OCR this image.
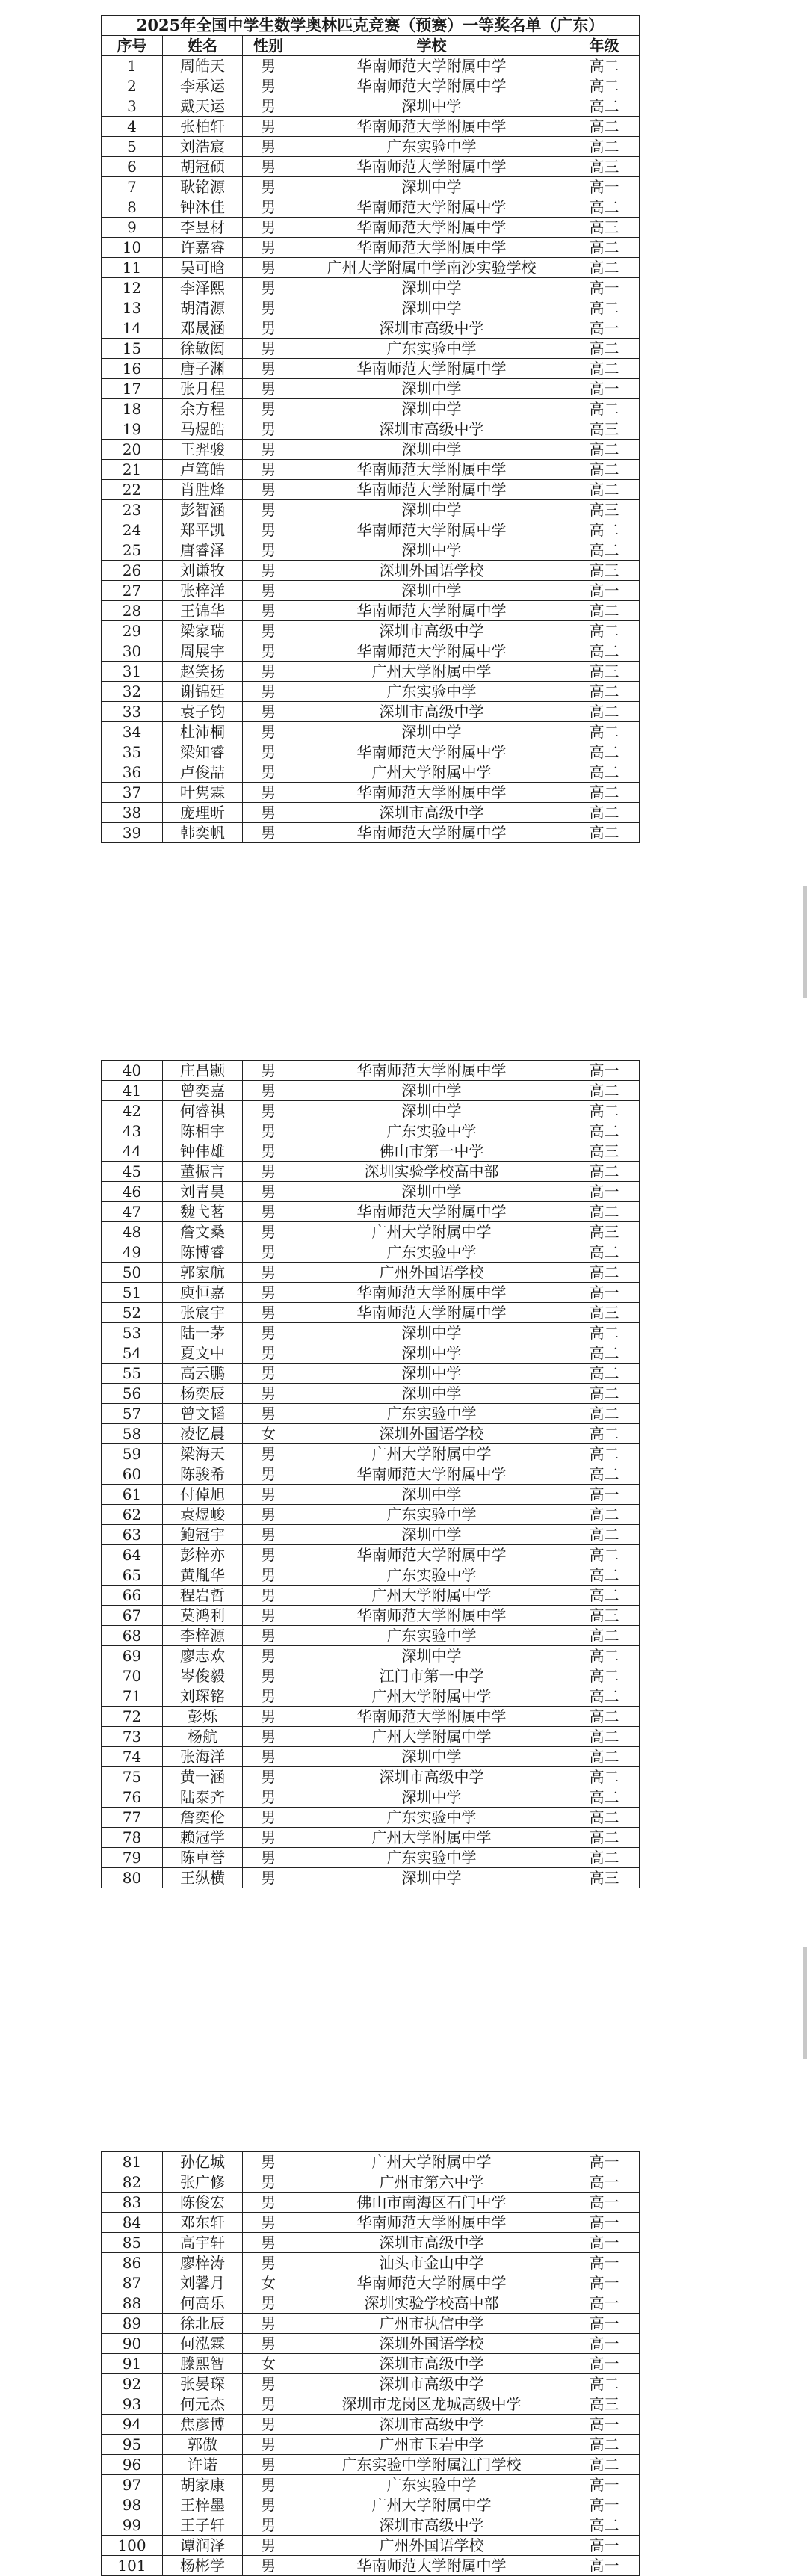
2025年全国中学生数学奥林匹克竞赛（预赛）一等奖名单（广东）				
序号	姓名	性别	学校	年级
1	周皓天	男	华南师范大学附属中学	高二
2	李承运	男	华南师范大学附属中学	高二
3	戴天运	男	深圳中学	高二
4	张柏轩	男	华南师范大学附属中学	高二
5	刘浩宸	男	广东实验中学	高二
6	胡冠硕	男	华南师范大学附属中学	高三
7	耿铭源	男	深圳中学	高一
8	钟沐佳	男	华南师范大学附属中学	高二
9	李昱材	男	华南师范大学附属中学	高三
10	许嘉睿	男	华南师范大学附属中学	高二
11	吴可晗	男	广州大学附属中学南沙实验学校	高二
12	李泽熙	男	深圳中学	高一
13	胡清源	男	深圳中学	高二
14	邓晟涵	男	深圳市高级中学	高一
15	徐敏闳	男	广东实验中学	高二
16	唐子渊	男	华南师范大学附属中学	高二
17	张月程	男	深圳中学	高一
18	余方程	男	深圳中学	高二
19	马煜皓	男	深圳市高级中学	高三
20	王羿骏	男	深圳中学	高二
21	卢笃皓	男	华南师范大学附属中学	高二
22	肖胜烽	男	华南师范大学附属中学	高二
23	彭智涵	男	深圳中学	高三
24	郑平凯	男	华南师范大学附属中学	高二
25	唐睿泽	男	深圳中学	高二
26	刘谦牧	男	深圳外国语学校	高三
27	张梓洋	男	深圳中学	高一
28	王锦华	男	华南师范大学附属中学	高二
29	梁家瑞	男	深圳市高级中学	高二
30	周展宇	男	华南师范大学附属中学	高二
31	赵笑扬	男	广州大学附属中学	高三
32	谢锦廷	男	广东实验中学	高二
33	袁子钧	男	深圳市高级中学	高二
34	杜沛桐	男	深圳中学	高二
35	梁知睿	男	华南师范大学附属中学	高二
36	卢俊喆	男	广州大学附属中学	高二
37	叶隽霖	男	华南师范大学附属中学	高二
38	庞理昕	男	深圳市高级中学	高二
39	韩奕帆	男	华南师范大学附属中学	高二
40	庄昌颢	男	华南师范大学附属中学	高一
41	曾奕嘉	男	深圳中学	高二
42	何睿祺	男	深圳中学	高二
43	陈相宇	男	广东实验中学	高二
44	钟伟雄	男	佛山市第一中学	高三
45	董振言	男	深圳实验学校高中部	高二
46	刘青昊	男	深圳中学	高一
47	魏弋茗	男	华南师范大学附属中学	高二
48	詹文桑	男	广州大学附属中学	高三
49	陈博睿	男	广东实验中学	高二
50	郭家航	男	广州外国语学校	高二
51	庾恒嘉	男	华南师范大学附属中学	高一
52	张宸宇	男	华南师范大学附属中学	高三
53	陆一茅	男	深圳中学	高二
54	夏文中	男	深圳中学	高二
55	高云鹏	男	深圳中学	高二
56	杨奕辰	男	深圳中学	高二
57	曾文韬	男	广东实验中学	高二
58	凌忆晨	女	深圳外国语学校	高二
59	梁海天	男	广州大学附属中学	高二
60	陈骏希	男	华南师范大学附属中学	高二
61	付倬旭	男	深圳中学	高一
62	袁煜峻	男	广东实验中学	高二
63	鲍冠宇	男	深圳中学	高二
64	彭梓亦	男	华南师范大学附属中学	高二
65	黄胤华	男	广东实验中学	高二
66	程岩哲	男	广州大学附属中学	高二
67	莫鸿利	男	华南师范大学附属中学	高三
68	李梓源	男	广东实验中学	高二
69	廖志欢	男	深圳中学	高二
70	岑俊毅	男	江门市第一中学	高二
71	刘琛铭	男	广州大学附属中学	高二
72	彭烁	男	华南师范大学附属中学	高二
73	杨航	男	广州大学附属中学	高二
74	张海洋	男	深圳中学	高二
75	黄一涵	男	深圳市高级中学	高二
76	陆泰齐	男	深圳中学	高二
77	詹奕伦	男	广东实验中学	高二
78	赖冠学	男	广州大学附属中学	高二
79	陈卓誉	男	广东实验中学	高二
80	王纵横	男	深圳中学	高三
81	孙亿城	男	广州大学附属中学	高一
82	张广修	男	广州市第六中学	高一
83	陈俊宏	男	佛山市南海区石门中学	高一
84	邓东轩	男	华南师范大学附属中学	高一
85	高宇轩	男	深圳市高级中学	高一
86	廖梓涛	男	汕头市金山中学	高一
87	刘馨月	女	华南师范大学附属中学	高一
88	何高乐	男	深圳实验学校高中部	高一
89	徐北辰	男	广州市执信中学	高一
90	何泓霖	男	深圳外国语学校	高一
91	滕熙智	女	深圳市高级中学	高一
92	张晏琛	男	深圳市高级中学	高二
93	何元杰	男	深圳市龙岗区龙城高级中学	高三
94	焦彦博	男	深圳市高级中学	高一
95	郭傲	男	广州市玉岩中学	高二
96	许诺	男	广东实验中学附属江门学校	高二
97	胡家康	男	广东实验中学	高一
98	王梓墨	男	广州大学附属中学	高一
99	王子轩	男	深圳市高级中学	高二
100	谭润泽	男	广州外国语学校	高一
101	杨彬学	男	华南师范大学附属中学	高一
